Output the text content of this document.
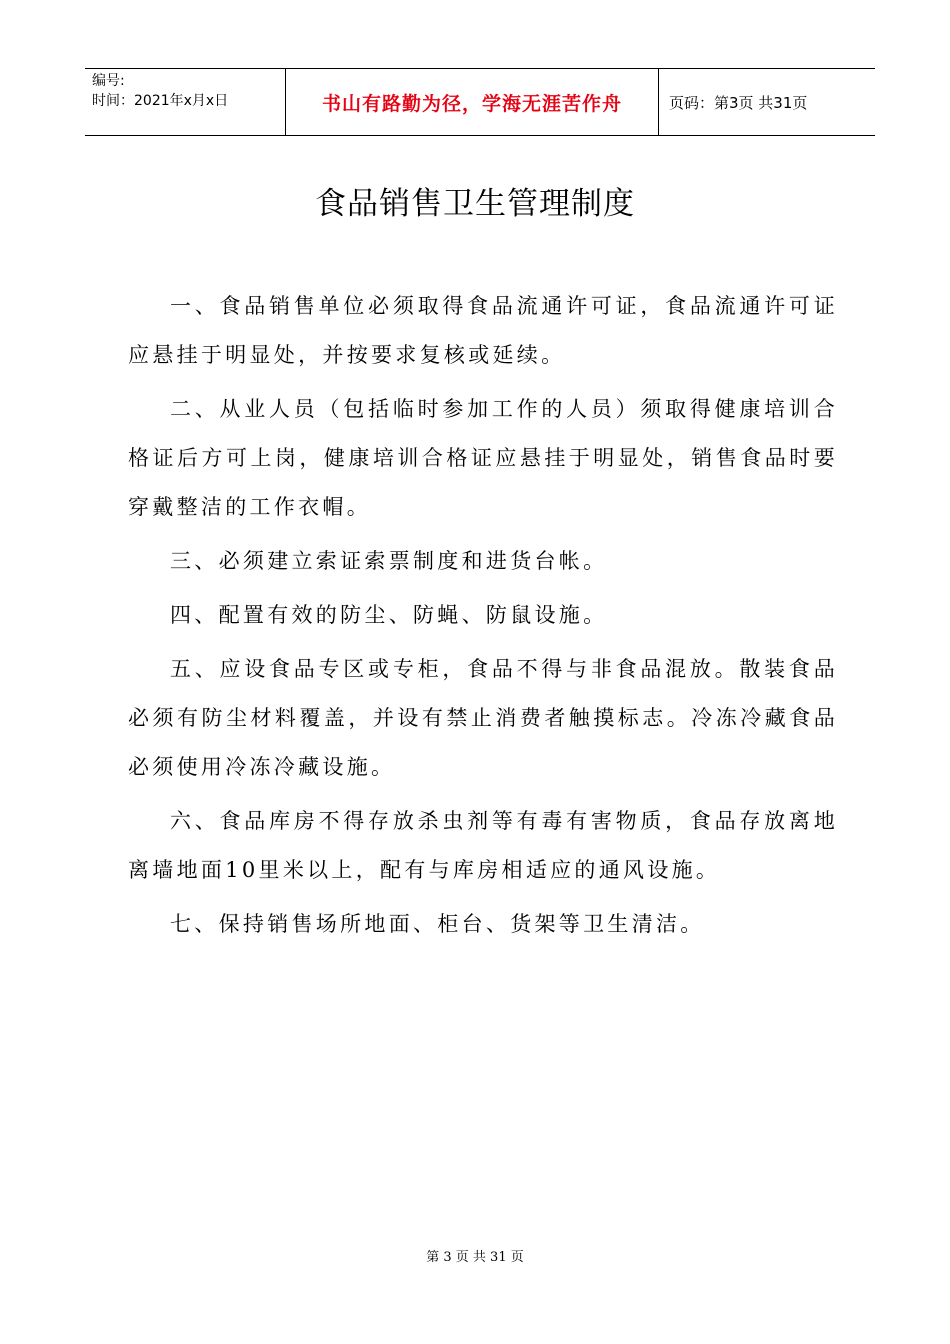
编号:
时间：2021年x月x日	书山有路勤为径，学海无涯苦作舟	页码：第3页 共31页
食品销售卫生管理制度

一、食品销售单位必须取得食品流通许可证，食品流通许可证应悬挂于明显处，并按要求复核或延续。

二、从业人员（包括临时参加工作的人员）须取得健康培训合格证后方可上岗，健康培训合格证应悬挂于明显处，销售食品时要穿戴整洁的工作衣帽。

三、必须建立索证索票制度和进货台帐。

四、配置有效的防尘、防蝇、防鼠设施。

五、应设食品专区或专柜，食品不得与非食品混放。散装食品必须有防尘材料覆盖，并设有禁止消费者触摸标志。冷冻冷藏食品必须使用冷冻冷藏设施。

六、食品库房不得存放杀虫剂等有毒有害物质，食品存放离地离墙地面10里米以上，配有与库房相适应的通风设施。

七、保持销售场所地面、柜台、货架等卫生清洁。

第 3 页 共 31 页
